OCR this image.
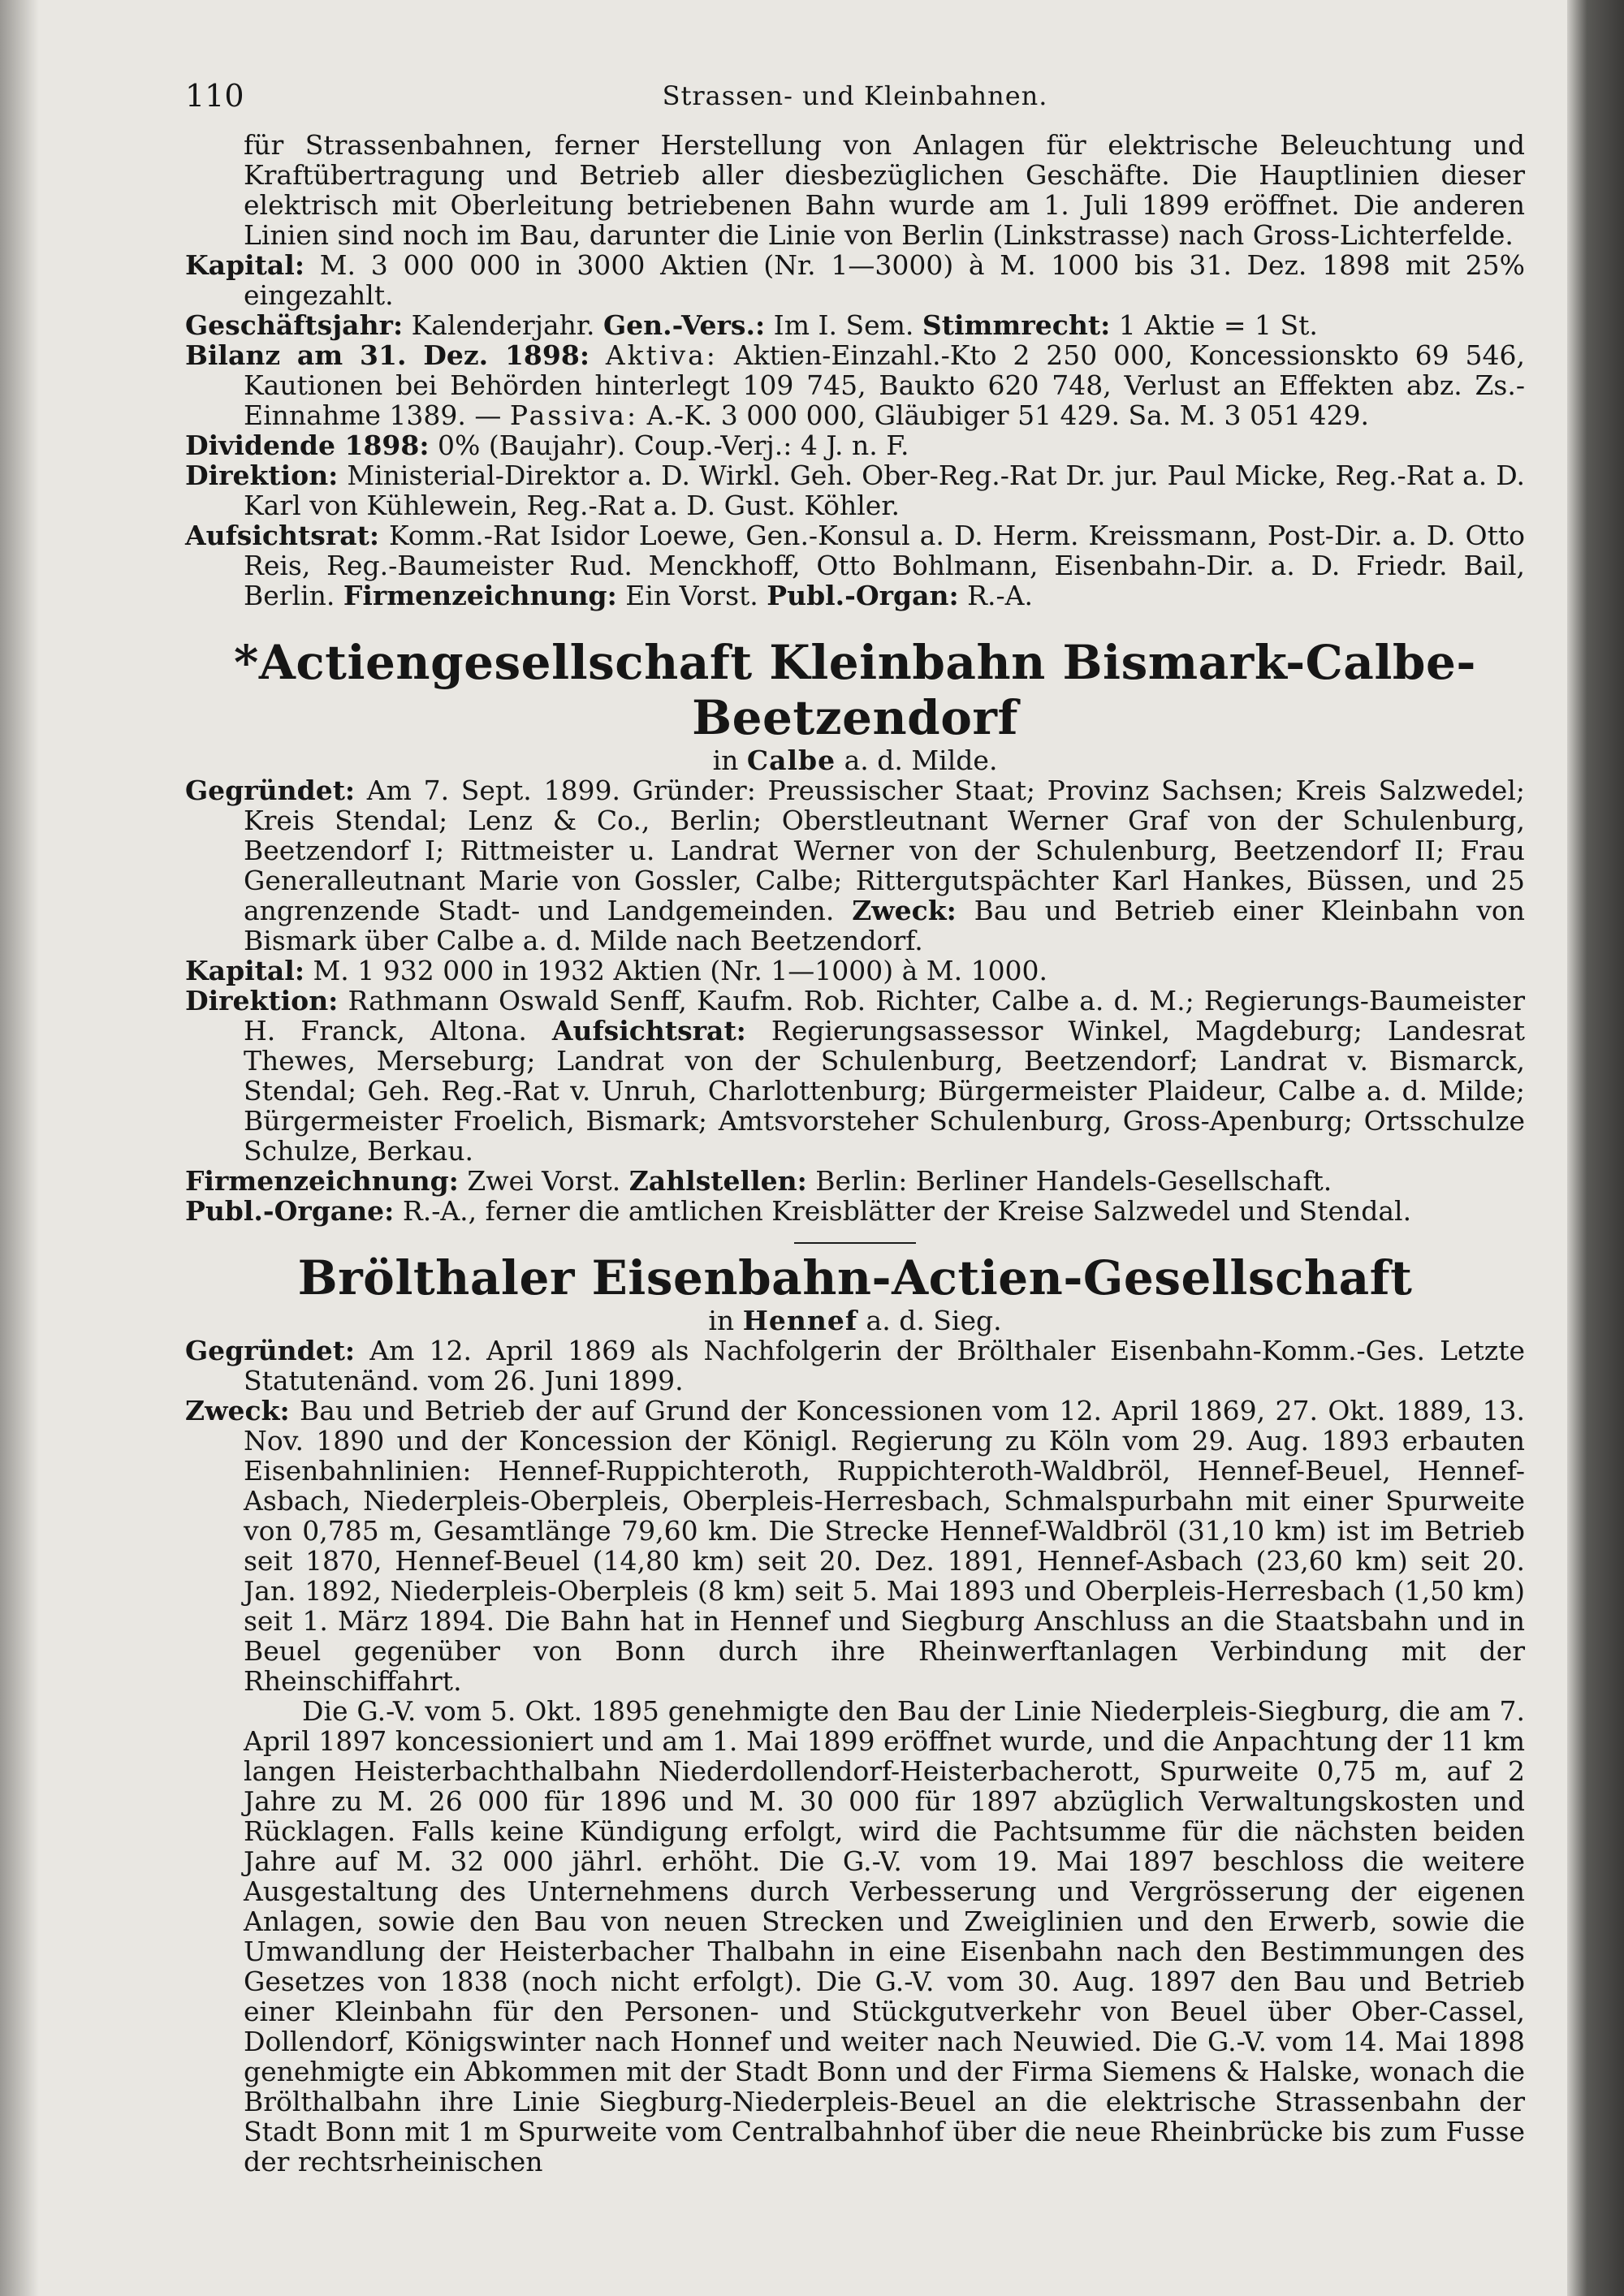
110	Strassen- und Kleinbahnen.

für Strassenbahnen, ferner Herstellung von Anlagen für elektrische Beleuchtung und Kraftübertragung und Betrieb aller diesbezüglichen Geschäfte. Die Hauptlinien dieser elektrisch mit Oberleitung betriebenen Bahn wurde am 1. Juli 1899 eröffnet. Die anderen Linien sind noch im Bau, darunter die Linie von Berlin (Linkstrasse) nach Gross-Lichterfelde.

Kapital: M. 3 000 000 in 3000 Aktien (Nr. 1—3000) à M. 1000 bis 31. Dez. 1898 mit 25% eingezahlt.

Geschäftsjahr: Kalenderjahr. Gen.-Vers.: Im I. Sem. Stimmrecht: 1 Aktie = 1 St.

Bilanz am 31. Dez. 1898: Aktiva: Aktien-Einzahl.-Kto 2 250 000, Koncessionskto 69 546, Kautionen bei Behörden hinterlegt 109 745, Baukto 620 748, Verlust an Effekten abz. Zs.-Einnahme 1389. — Passiva: A.-K. 3 000 000, Gläubiger 51 429. Sa. M. 3 051 429.

Dividende 1898: 0% (Baujahr). Coup.-Verj.: 4 J. n. F.

Direktion: Ministerial-Direktor a. D. Wirkl. Geh. Ober-Reg.-Rat Dr. jur. Paul Micke, Reg.-Rat a. D. Karl von Kühlewein, Reg.-Rat a. D. Gust. Köhler.

Aufsichtsrat: Komm.-Rat Isidor Loewe, Gen.-Konsul a. D. Herm. Kreissmann, Post-Dir. a. D. Otto Reis, Reg.-Baumeister Rud. Menckhoff, Otto Bohlmann, Eisenbahn-Dir. a. D. Friedr. Bail, Berlin. Firmenzeichnung: Ein Vorst. Publ.-Organ: R.-A.

*Actiengesellschaft Kleinbahn Bismark-Calbe-Beetzendorf

in Calbe a. d. Milde.

Gegründet: Am 7. Sept. 1899. Gründer: Preussischer Staat; Provinz Sachsen; Kreis Salzwedel; Kreis Stendal; Lenz & Co., Berlin; Oberstleutnant Werner Graf von der Schulenburg, Beetzendorf I; Rittmeister u. Landrat Werner von der Schulenburg, Beetzendorf II; Frau Generalleutnant Marie von Gossler, Calbe; Rittergutspächter Karl Hankes, Büssen, und 25 angrenzende Stadt- und Landgemeinden. Zweck: Bau und Betrieb einer Kleinbahn von Bismark über Calbe a. d. Milde nach Beetzendorf.

Kapital: M. 1 932 000 in 1932 Aktien (Nr. 1—1000) à M. 1000.

Direktion: Rathmann Oswald Senff, Kaufm. Rob. Richter, Calbe a. d. M.; Regierungs-Baumeister H. Franck, Altona. Aufsichtsrat: Regierungsassessor Winkel, Magdeburg; Landesrat Thewes, Merseburg; Landrat von der Schulenburg, Beetzendorf; Landrat v. Bismarck, Stendal; Geh. Reg.-Rat v. Unruh, Charlottenburg; Bürgermeister Plaideur, Calbe a. d. Milde; Bürgermeister Froelich, Bismark; Amtsvorsteher Schulenburg, Gross-Apenburg; Ortsschulze Schulze, Berkau.

Firmenzeichnung: Zwei Vorst. Zahlstellen: Berlin: Berliner Handels-Gesellschaft.

Publ.-Organe: R.-A., ferner die amtlichen Kreisblätter der Kreise Salzwedel und Stendal.

Brölthaler Eisenbahn-Actien-Gesellschaft

in Hennef a. d. Sieg.

Gegründet: Am 12. April 1869 als Nachfolgerin der Brölthaler Eisenbahn-Komm.-Ges. Letzte Statutenänd. vom 26. Juni 1899.

Zweck: Bau und Betrieb der auf Grund der Koncessionen vom 12. April 1869, 27. Okt. 1889, 13. Nov. 1890 und der Koncession der Königl. Regierung zu Köln vom 29. Aug. 1893 erbauten Eisenbahnlinien: Hennef-Ruppichteroth, Ruppichteroth-Waldbröl, Hennef-Beuel, Hennef-Asbach, Niederpleis-Oberpleis, Oberpleis-Herresbach, Schmalspurbahn mit einer Spurweite von 0,785 m, Gesamtlänge 79,60 km. Die Strecke Hennef-Waldbröl (31,10 km) ist im Betrieb seit 1870, Hennef-Beuel (14,80 km) seit 20. Dez. 1891, Hennef-Asbach (23,60 km) seit 20. Jan. 1892, Niederpleis-Oberpleis (8 km) seit 5. Mai 1893 und Oberpleis-Herresbach (1,50 km) seit 1. März 1894. Die Bahn hat in Hennef und Siegburg Anschluss an die Staatsbahn und in Beuel gegenüber von Bonn durch ihre Rheinwerftanlagen Verbindung mit der Rheinschiffahrt.

Die G.-V. vom 5. Okt. 1895 genehmigte den Bau der Linie Niederpleis-Siegburg, die am 7. April 1897 koncessioniert und am 1. Mai 1899 eröffnet wurde, und die Anpachtung der 11 km langen Heisterbachthalbahn Niederdollendorf-Heisterbacherott, Spurweite 0,75 m, auf 2 Jahre zu M. 26 000 für 1896 und M. 30 000 für 1897 abzüglich Verwaltungskosten und Rücklagen. Falls keine Kündigung erfolgt, wird die Pachtsumme für die nächsten beiden Jahre auf M. 32 000 jährl. erhöht. Die G.-V. vom 19. Mai 1897 beschloss die weitere Ausgestaltung des Unternehmens durch Verbesserung und Vergrösserung der eigenen Anlagen, sowie den Bau von neuen Strecken und Zweiglinien und den Erwerb, sowie die Umwandlung der Heisterbacher Thalbahn in eine Eisenbahn nach den Bestimmungen des Gesetzes von 1838 (noch nicht erfolgt). Die G.-V. vom 30. Aug. 1897 den Bau und Betrieb einer Kleinbahn für den Personen- und Stückgutverkehr von Beuel über Ober-Cassel, Dollendorf, Königswinter nach Honnef und weiter nach Neuwied. Die G.-V. vom 14. Mai 1898 genehmigte ein Abkommen mit der Stadt Bonn und der Firma Siemens & Halske, wonach die Brölthalbahn ihre Linie Siegburg-Niederpleis-Beuel an die elektrische Strassenbahn der Stadt Bonn mit 1 m Spurweite vom Centralbahnhof über die neue Rheinbrücke bis zum Fusse der rechtsrheinischen
